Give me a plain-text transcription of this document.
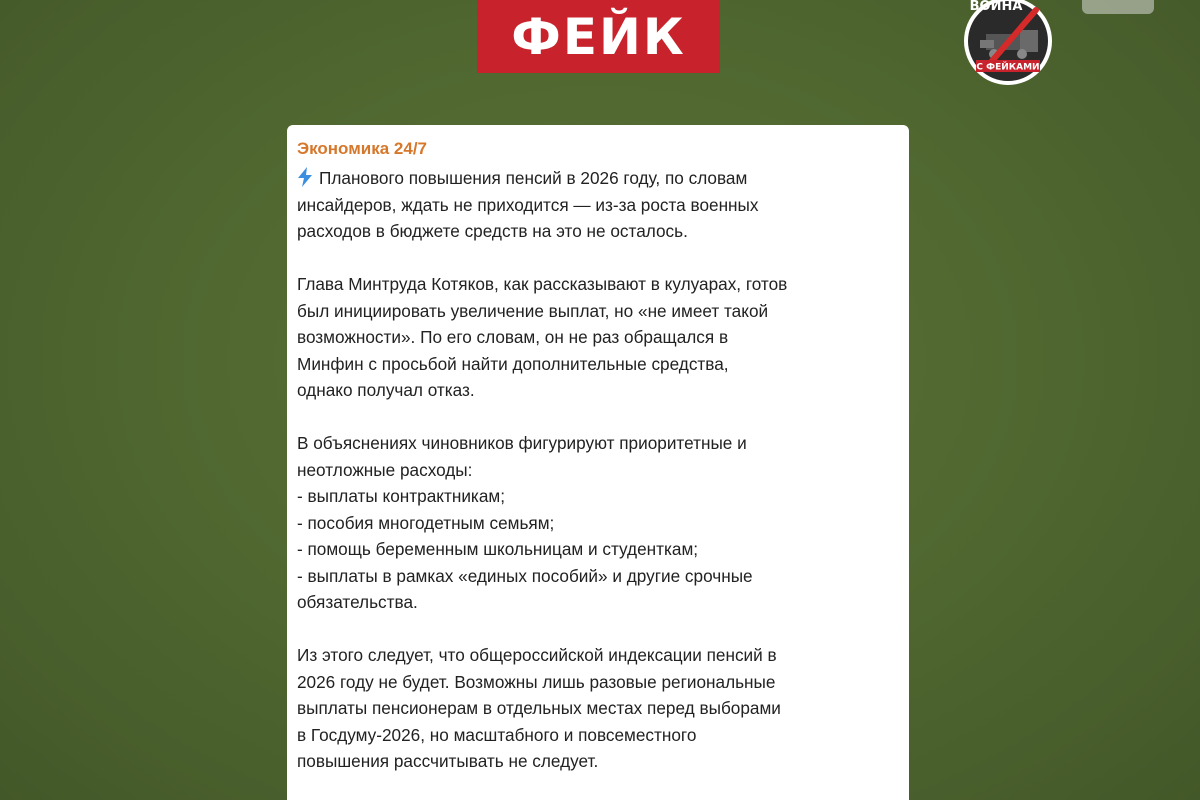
ФЕЙК
ВОЙНА
С ФЕЙКАМИ
Экономика 24/7

Планового повышения пенсий в 2026 году, по словам
инсайдеров, ждать не приходится — из-за роста военных
расходов в бюджете средств на это не осталось.

Глава Минтруда Котяков, как рассказывают в кулуарах, готов
был инициировать увеличение выплат, но «не имеет такой
возможности». По его словам, он не раз обращался в
Минфин с просьбой найти дополнительные средства,
однако получал отказ.

В объяснениях чиновников фигурируют приоритетные и
неотложные расходы:
- выплаты контрактникам;
- пособия многодетным семьям;
- помощь беременным школьницам и студенткам;
- выплаты в рамках «единых пособий» и другие срочные
обязательства.

Из этого следует, что общероссийской индексации пенсий в
2026 году не будет. Возможны лишь разовые региональные
выплаты пенсионерам в отдельных местах перед выборами
в Госдуму-2026, но масштабного и повсеместного
повышения рассчитывать не следует.
